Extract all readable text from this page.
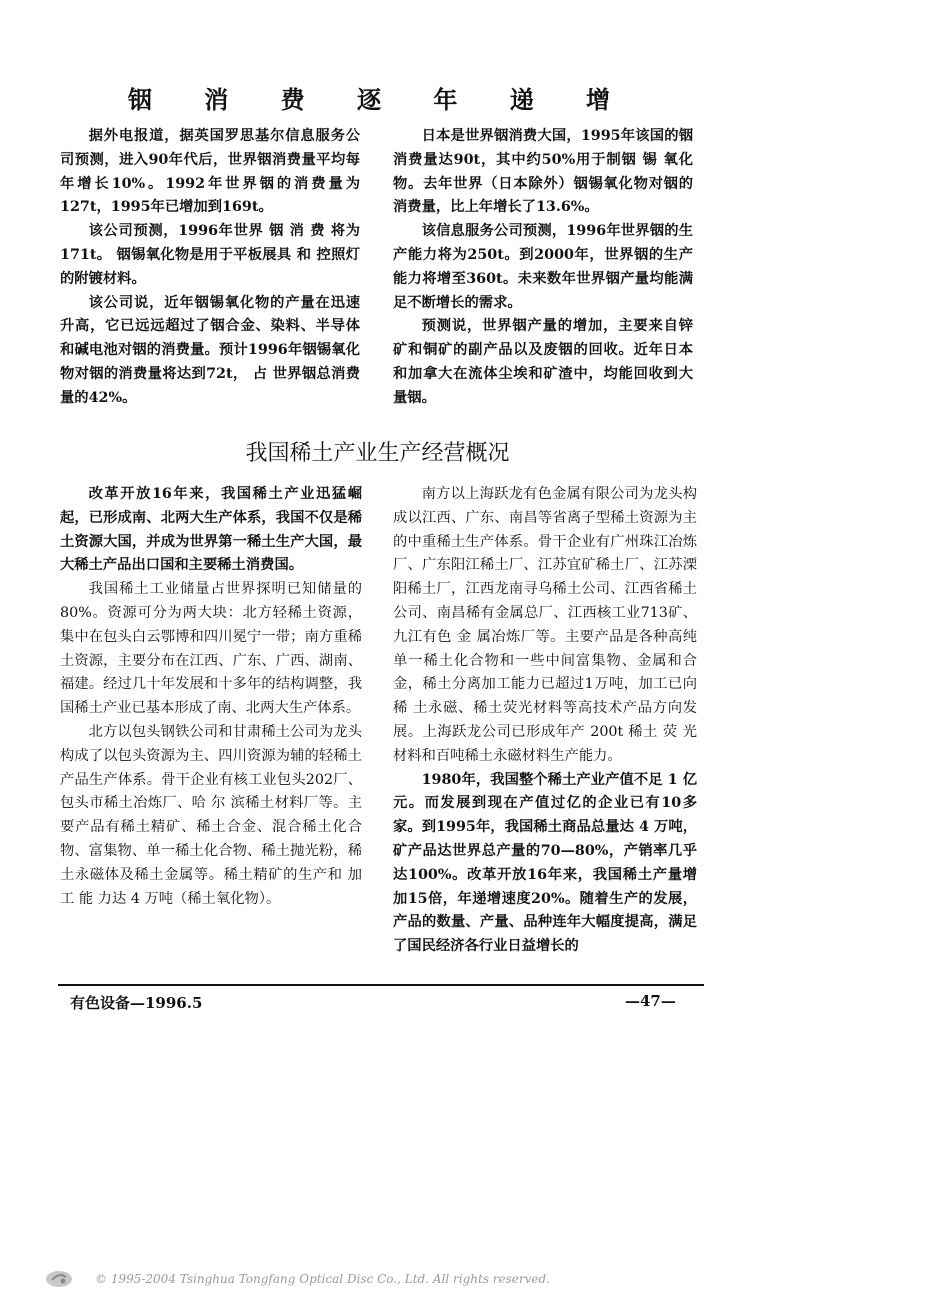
铟 消 费 逐 年 递 增

据外电报道，据英国罗思基尔信息服务公司预测，进入90年代后，世界铟消费量平均每年增长10%。1992年世界铟的消费量为127t，1995年已增加到169t。

该公司预测，1996年世界 铟 消 费 将为171t。 铟锡氧化物是用于平板展具 和 控照灯的附镀材料。

该公司说，近年铟锡氧化物的产量在迅速升高，它已远远超过了铟合金、染料、半导体和碱电池对铟的消费量。预计1996年铟锡氧化物对铟的消费量将达到72t， 占 世界铟总消费量的42%。

日本是世界铟消费大国，1995年该国的铟消费量达90t，其中约50%用于制铟 锡 氧化物。去年世界（日本除外）铟锡氧化物对铟的消费量，比上年增长了13.6%。

该信息服务公司预测，1996年世界铟的生产能力将为250t。到2000年，世界铟的生产能力将增至360t。未来数年世界铟产量均能满足不断增长的需求。

预测说，世界铟产量的增加，主要来自锌矿和铜矿的副产品以及废铟的回收。近年日本和加拿大在流体尘埃和矿渣中，均能回收到大量铟。

我国稀土产业生产经营概况

改革开放16年来，我国稀土产业迅猛崛起，已形成南、北两大生产体系，我国不仅是稀土资源大国，并成为世界第一稀土生产大国，最大稀土产品出口国和主要稀土消费国。

我国稀土工业储量占世界探明已知储量的80%。资源可分为两大块：北方轻稀土资源，集中在包头白云鄂博和四川冕宁一带；南方重稀土资源，主要分布在江西、广东、广西、湖南、福建。经过几十年发展和十多年的结构调整，我国稀土产业已基本形成了南、北两大生产体系。

北方以包头钢铁公司和甘肃稀土公司为龙头构成了以包头资源为主、四川资源为辅的轻稀土产品生产体系。骨干企业有核工业包头202厂、包头市稀土冶炼厂、哈 尔 滨稀土材料厂等。主要产品有稀土精矿、稀土合金、混合稀土化合物、富集物、单一稀土化合物、稀土抛光粉，稀土永磁体及稀土金属等。稀土精矿的生产和 加 工 能 力达 4 万吨（稀土氧化物）。

南方以上海跃龙有色金属有限公司为龙头构成以江西、广东、南昌等省离子型稀土资源为主的中重稀土生产体系。骨干企业有广州珠江冶炼厂、广东阳江稀土厂、江苏宜矿稀土厂、江苏溧阳稀土厂，江西龙南寻乌稀土公司、江西省稀土公司、南昌稀有金属总厂、江西核工业713矿、九江有色 金 属冶炼厂等。主要产品是各种高纯单一稀土化合物和一些中间富集物、金属和合金，稀土分离加工能力已超过1万吨，加工已向 稀 土永磁、稀土荧光材料等高技术产品方向发展。上海跃龙公司已形成年产 200t 稀土 荧 光材料和百吨稀土永磁材料生产能力。

1980年，我国整个稀土产业产值不足 1 亿元。而发展到现在产值过亿的企业已有10多家。到1995年，我国稀土商品总量达 4 万吨，矿产品达世界总产量的70—80%，产销率几乎达100%。改革开放16年来，我国稀土产量增加15倍，年递增速度20%。随着生产的发展，产品的数量、产量、品种连年大幅度提高，满足了国民经济各行业日益增长的

有色设备—1996.5	—47—
© 1995-2004 Tsinghua Tongfang Optical Disc Co., Ltd. All rights reserved.
